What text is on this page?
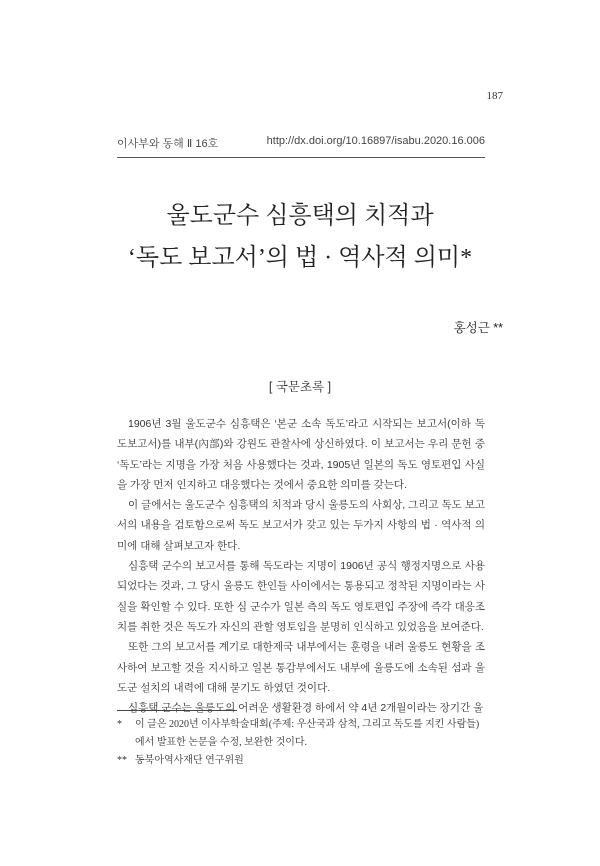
187
이사부와 동해 Ⅱ 16호	http://dx.doi.org/10.16897/isabu.2020.16.006
울도군수 심흥택의 치적과
‘독도 보고서’의 법 · 역사적 의미*
홍성근 **
[ 국문초록 ]

1906년 3월 울도군수 심흥택은 ‘본군 소속 독도’라고 시작되는 보고서(이하 독도보고서)를 내부(內部)와 강원도 관찰사에 상신하였다. 이 보고서는 우리 문헌 중 ‘독도’라는 지명을 가장 처음 사용했다는 것과, 1905년 일본의 독도 영토편입 사실을 가장 먼저 인지하고 대응했다는 것에서 중요한 의미를 갖는다.

이 글에서는 울도군수 심흥택의 치적과 당시 울릉도의 사회상, 그리고 독도 보고서의 내용을 검토함으로써 독도 보고서가 갖고 있는 두가지 사항의 법 · 역사적 의미에 대해 살펴보고자 한다.

심흥택 군수의 보고서를 통해 독도라는 지명이 1906년 공식 행정지명으로 사용되었다는 것과, 그 당시 울릉도 한인들 사이에서는 통용되고 정착된 지명이라는 사실을 확인할 수 있다. 또한 심 군수가 일본 측의 독도 영토편입 주장에 즉각 대응조치를 취한 것은 독도가 자신의 관할 영토임을 분명히 인식하고 있었음을 보여준다.

또한 그의 보고서를 계기로 대한제국 내부에서는 훈령을 내려 울릉도 현황을 조사하여 보고할 것을 지시하고 일본 통감부에서도 내부에 울릉도에 소속된 섬과 울도군 설치의 내력에 대해 묻기도 하였던 것이다.

심흥택 군수는 울릉도의 어려운 생활환경 하에서 약 4년 2개월이라는 장기간 울

*	이 글은 2020년 이사부학술대회(주제: 우산국과 삼척, 그리고 독도를 지킨 사람들)에서 발표한 논문을 수정, 보완한 것이다.
** 동북아역사재단 연구위원
